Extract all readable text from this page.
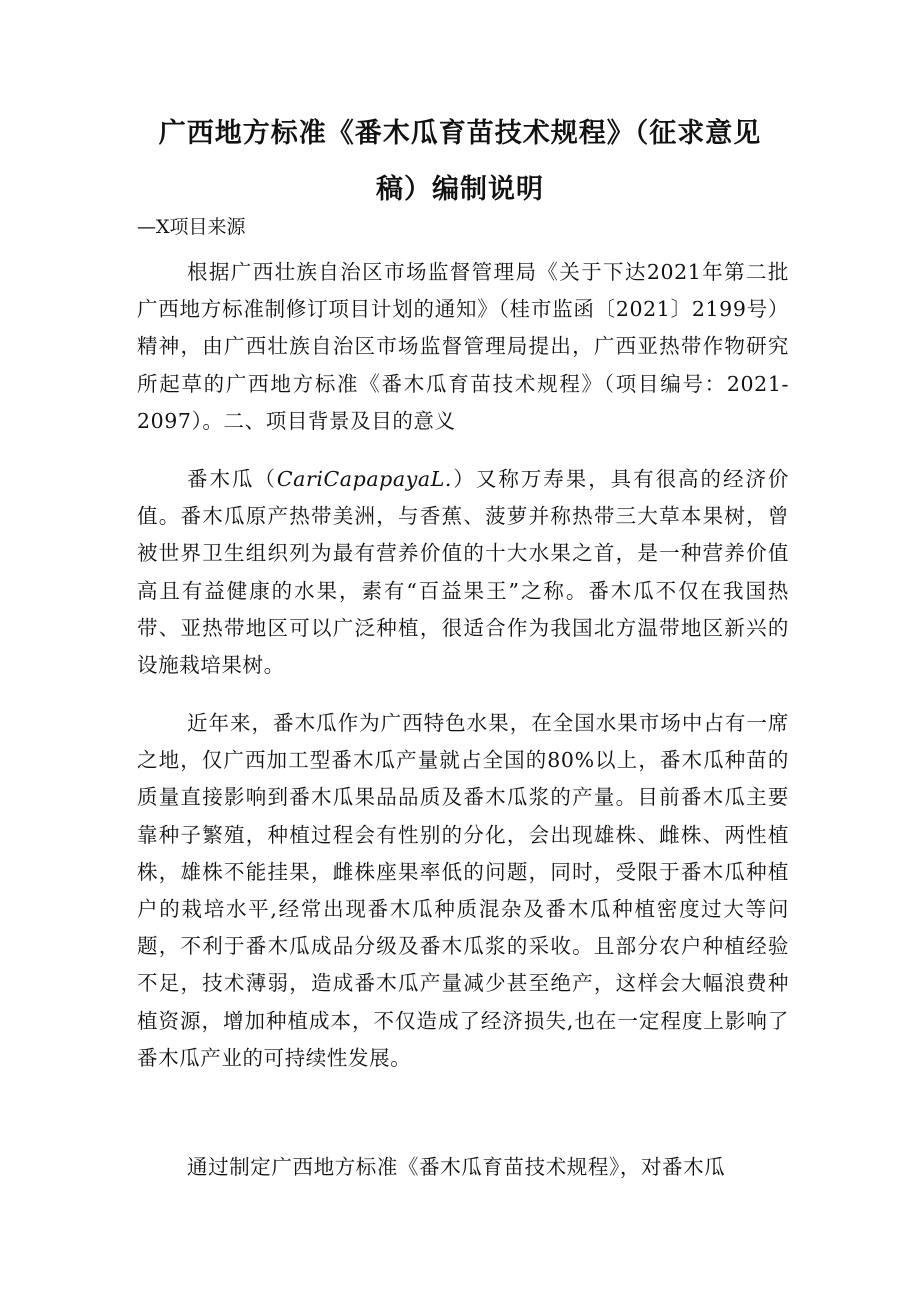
广西地方标准《番木瓜育苗技术规程》（征求意见
稿）编制说明

—X项目来源

根据广西壮族自治区市场监督管理局《关于下达2021年第二批广西地方标准制修订项目计划的通知》（桂市监函〔2021〕2199号）精神，由广西壮族自治区市场监督管理局提出，广西亚热带作物研究所起草的广西地方标准《番木瓜育苗技术规程》（项目编号：2021-2097）。二、项目背景及目的意义

番木瓜（CariCapapayaL.）又称万寿果，具有很高的经济价值。番木瓜原产热带美洲，与香蕉、菠萝并称热带三大草本果树，曾被世界卫生组织列为最有营养价值的十大水果之首，是一种营养价值高且有益健康的水果，素有“百益果王”之称。番木瓜不仅在我国热带、亚热带地区可以广泛种植，很适合作为我国北方温带地区新兴的设施栽培果树。

近年来，番木瓜作为广西特色水果，在全国水果市场中占有一席之地，仅广西加工型番木瓜产量就占全国的80%以上，番木瓜种苗的质量直接影响到番木瓜果品品质及番木瓜浆的产量。目前番木瓜主要靠种子繁殖，种植过程会有性别的分化，会出现雄株、雌株、两性植株，雄株不能挂果，雌株座果率低的问题，同时，受限于番木瓜种植户的栽培水平,经常出现番木瓜种质混杂及番木瓜种植密度过大等问题，不利于番木瓜成品分级及番木瓜浆的采收。且部分农户种植经验不足，技术薄弱，造成番木瓜产量减少甚至绝产，这样会大幅浪费种植资源，增加种植成本，不仅造成了经济损失,也在一定程度上影响了番木瓜产业的可持续性发展。

通过制定广西地方标准《番木瓜育苗技术规程》，对番木瓜
